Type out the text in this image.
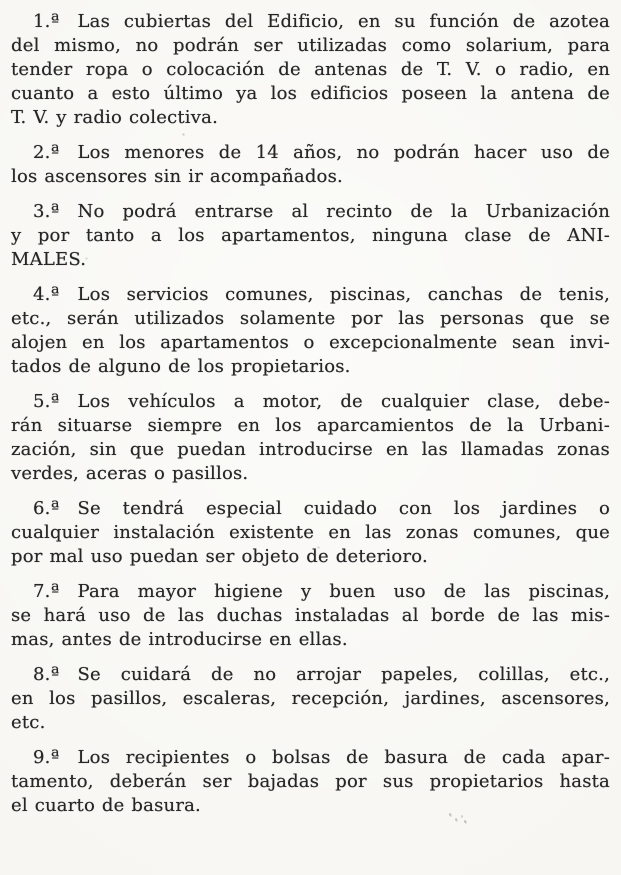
1.ª  Las cubiertas del Edificio, en su función de azotea
del mismo, no podrán ser utilizadas como solarium, para
tender ropa o colocación de antenas de T. V. o radio, en
cuanto a esto último ya los edificios poseen la antena de
T. V. y radio colectiva.
2.ª  Los menores de 14 años, no podrán hacer uso de
los ascensores sin ir acompañados.
3.ª  No podrá entrarse al recinto de la Urbanización
y por tanto a los apartamentos, ninguna clase de ANI-
MALES.
4.ª  Los servicios comunes, piscinas, canchas de tenis,
etc., serán utilizados solamente por las personas que se
alojen en los apartamentos o excepcionalmente sean invi-
tados de alguno de los propietarios.
5.ª  Los vehículos a motor, de cualquier clase, debe-
rán situarse siempre en los aparcamientos de la Urbani-
zación, sin que puedan introducirse en las llamadas zonas
verdes, aceras o pasillos.
6.ª  Se tendrá especial cuidado con los jardines o
cualquier instalación existente en las zonas comunes, que
por mal uso puedan ser objeto de deterioro.
7.ª  Para mayor higiene y buen uso de las piscinas,
se hará uso de las duchas instaladas al borde de las mis-
mas, antes de introducirse en ellas.
8.ª  Se cuidará de no arrojar papeles, colillas, etc.,
en los pasillos, escaleras, recepción, jardines, ascensores,
etc.
9.ª  Los recipientes o bolsas de basura de cada apar-
tamento, deberán ser bajadas por sus propietarios hasta
el cuarto de basura.
